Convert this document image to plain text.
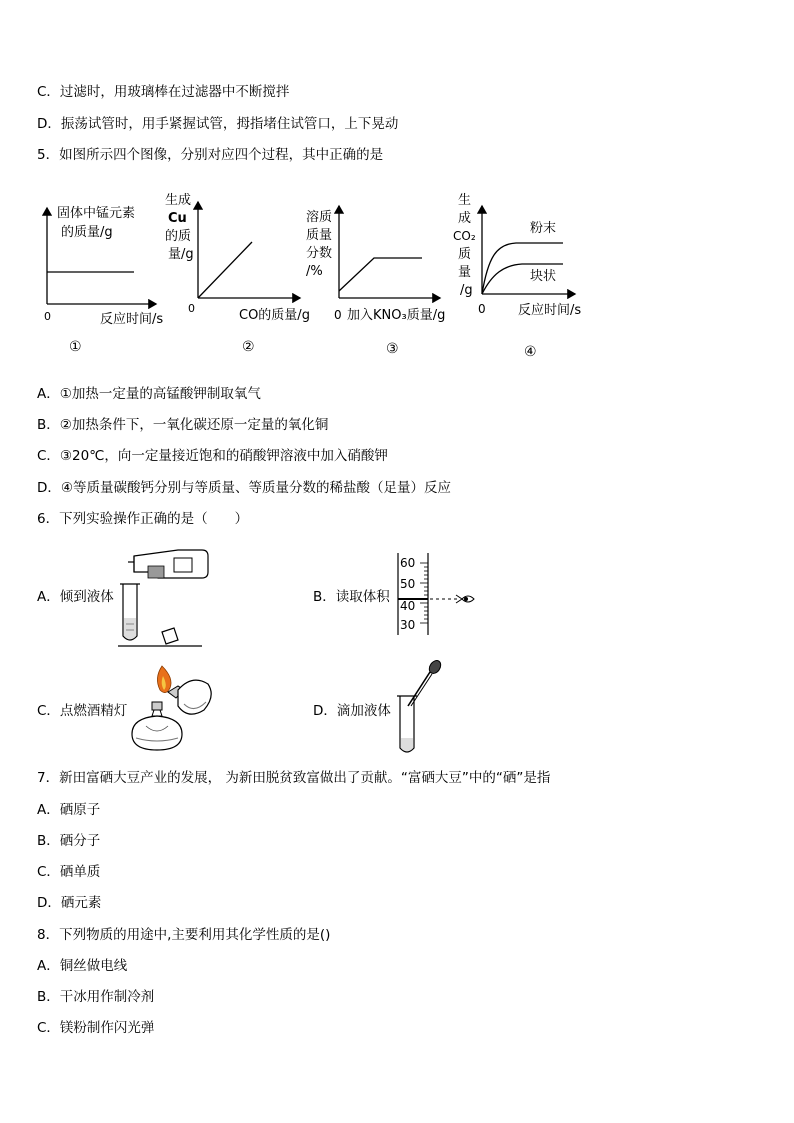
C．过滤时，用玻璃棒在过滤器中不断搅拌
D．振荡试管时，用手紧握试管，拇指堵住试管口，上下晃动
5．如图所示四个图像，分别对应四个过程，其中正确的是
固体中锰元素
的质量/g
0	反应时间/s
①
生成
Cu
的质
量/g
0	CO的质量/g
②
溶质
质量
分数
/%
0 加入KNO₃质量/g
③
生
成
CO₂
质
量
/g
粉末
块状
0 反应时间/s
④
A．①加热一定量的高锰酸钾制取氧气
B．②加热条件下，一氧化碳还原一定量的氧化铜
C．③20℃，向一定量接近饱和的硝酸钾溶液中加入硝酸钾
D．④等质量碳酸钙分别与等质量、等质量分数的稀盐酸（足量）反应
6．下列实验操作正确的是（　　）
A．倾到液体	B．读取体积
60
50
40
30
C．点燃酒精灯	D．滴加液体
7．新田富硒大豆产业的发展， 为新田脱贫致富做出了贡献。“富硒大豆”中的“硒”是指
A．硒原子
B．硒分子
C．硒单质
D．硒元素
8．下列物质的用途中,主要利用其化学性质的是()
A．铜丝做电线
B．干冰用作制冷剂
C．镁粉制作闪光弹
